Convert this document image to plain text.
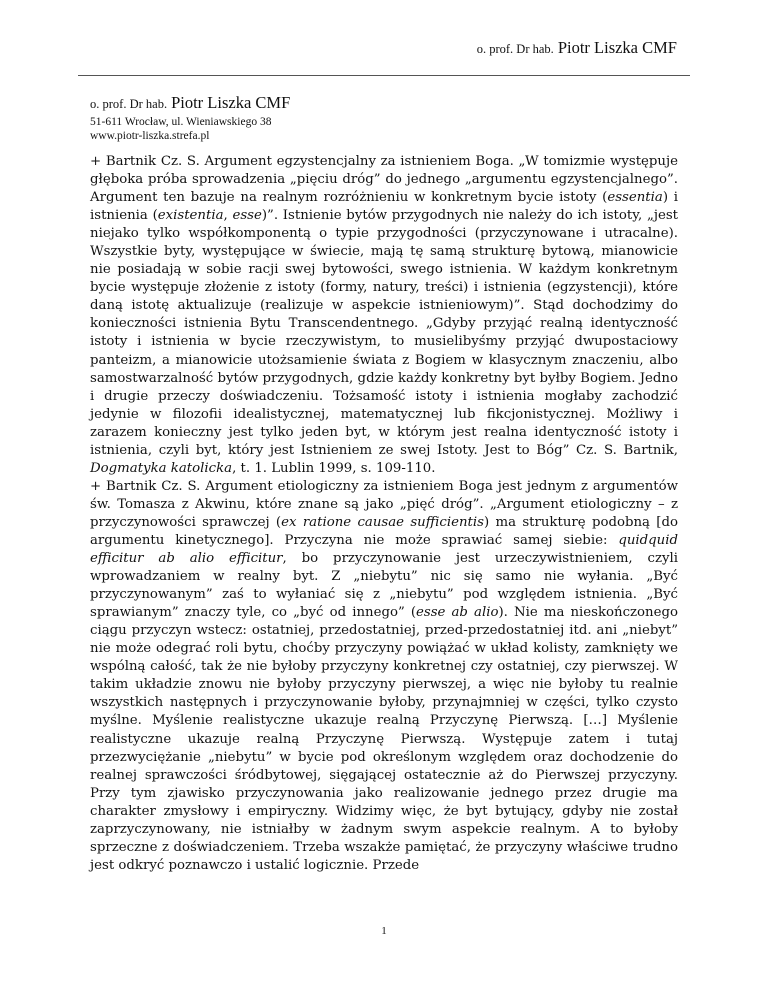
o. prof. Dr hab. Piotr Liszka CMF
o. prof. Dr hab. Piotr Liszka CMF
51-611 Wrocław, ul. Wieniawskiego 38
www.piotr-liszka.strefa.pl

+ Bartnik Cz. S. Argument egzystencjalny za istnieniem Boga. „W tomizmie występuje głęboka próba sprowadzenia „pięciu dróg” do jednego „argumentu egzystencjalnego”. Argument ten bazuje na realnym rozróżnieniu w konkretnym bycie istoty (essentia) i istnienia (existentia, esse)”. Istnienie bytów przygodnych nie należy do ich istoty, „jest niejako tylko współkomponentą o typie przygodności (przyczynowane i utracalne). Wszystkie byty, występujące w świecie, mają tę samą strukturę bytową, mianowicie nie posiadają w sobie racji swej bytowości, swego istnienia. W każdym konkretnym bycie występuje złożenie z istoty (formy, natury, treści) i istnienia (egzystencji), które daną istotę aktualizuje (realizuje w aspekcie istnieniowym)”. Stąd dochodzimy do konieczności istnienia Bytu Transcendentnego. „Gdyby przyjąć realną identyczność istoty i istnienia w bycie rzeczywistym, to musielibyśmy przyjąć dwupostaciowy panteizm, a mianowicie utożsamienie świata z Bogiem w klasycznym znaczeniu, albo samostwarzalność bytów przygodnych, gdzie każdy konkretny byt byłby Bogiem. Jedno i drugie przeczy doświadczeniu. Tożsamość istoty i istnienia mogłaby zachodzić jedynie w filozofii idealistycznej, matematycznej lub fikcjonistycznej. Możliwy i zarazem konieczny jest tylko jeden byt, w którym jest realna identyczność istoty i istnienia, czyli byt, który jest Istnieniem ze swej Istoty. Jest to Bóg” Cz. S. Bartnik, Dogmatyka katolicka, t. 1. Lublin 1999, s. 109-110.

+ Bartnik Cz. S. Argument etiologiczny za istnieniem Boga jest jednym z argumentów św. Tomasza z Akwinu, które znane są jako „pięć dróg”. „Argument etiologiczny – z przyczynowości sprawczej (ex ratione causae sufficientis) ma strukturę podobną [do argumentu kinetycznego]. Przyczyna nie może sprawiać samej siebie: quidquid efficitur ab alio efficitur, bo przyczynowanie jest urzeczywistnieniem, czyli wprowadzaniem w realny byt. Z „niebytu” nic się samo nie wyłania. „Być przyczynowanym” zaś to wyłaniać się z „niebytu” pod względem istnienia. „Być sprawianym” znaczy tyle, co „być od innego” (esse ab alio). Nie ma nieskończonego ciągu przyczyn wstecz: ostatniej, przedostatniej, przed-przedostatniej itd. ani „niebyt” nie może odegrać roli bytu, choćby przyczyny powiążać w układ kolisty, zamknięty we wspólną całość, tak że nie byłoby przyczyny konkretnej czy ostatniej, czy pierwszej. W takim układzie znowu nie byłoby przyczyny pierwszej, a więc nie byłoby tu realnie wszystkich następnych i przyczynowanie byłoby, przynajmniej w części, tylko czysto myślne. Myślenie realistyczne ukazuje realną Przyczynę Pierwszą. […] Myślenie realistyczne ukazuje realną Przyczynę Pierwszą. Występuje zatem i tutaj przezwyciężanie „niebytu” w bycie pod określonym względem oraz dochodzenie do realnej sprawczości śródbytowej, sięgającej ostatecznie aż do Pierwszej przyczyny. Przy tym zjawisko przyczynowania jako realizowanie jednego przez drugie ma charakter zmysłowy i empiryczny. Widzimy więc, że byt bytujący, gdyby nie został zaprzyczynowany, nie istniałby w żadnym swym aspekcie realnym. A to byłoby sprzeczne z doświadczeniem. Trzeba wszakże pamiętać, że przyczyny właściwe trudno jest odkryć poznawczo i ustalić logicznie. Przede

1
